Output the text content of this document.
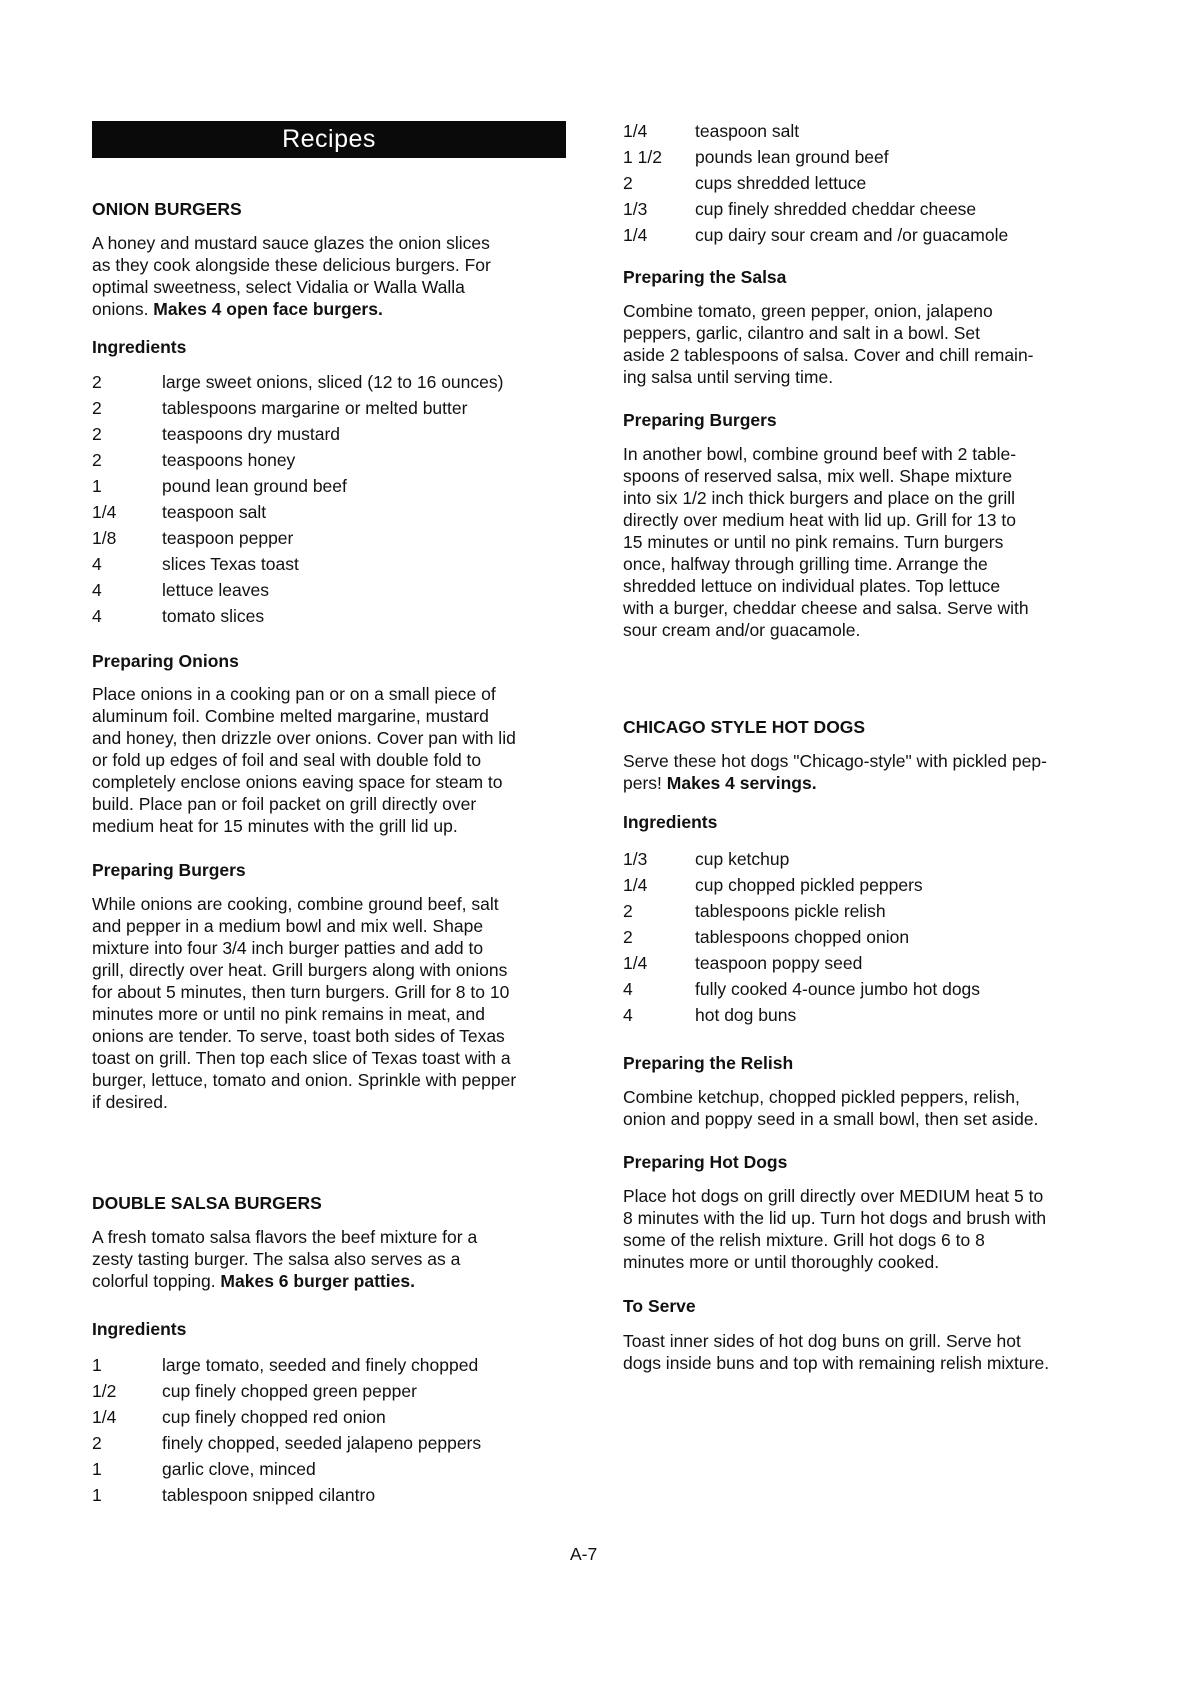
Recipes
ONION BURGERS
A honey and mustard sauce glazes the onion slices
as they cook alongside these delicious burgers. For
optimal sweetness, select Vidalia or Walla Walla
onions. Makes 4 open face burgers.
Ingredients
2	large sweet onions, sliced (12 to 16 ounces)
2	tablespoons margarine or melted butter
2	teaspoons dry mustard
2	teaspoons honey
1	pound lean ground beef
1/4	teaspoon salt
1/8	teaspoon pepper
4	slices Texas toast
4	lettuce leaves
4	tomato slices
Preparing Onions
Place onions in a cooking pan or on a small piece of
aluminum foil. Combine melted margarine, mustard
and honey, then drizzle over onions. Cover pan with lid
or fold up edges of foil and seal with double fold to
completely enclose onions eaving space for steam to
build. Place pan or foil packet on grill directly over
medium heat for 15 minutes with the grill lid up.
Preparing Burgers
While onions are cooking, combine ground beef, salt
and pepper in a medium bowl and mix well. Shape
mixture into four 3/4 inch burger patties and add to
grill, directly over heat. Grill burgers along with onions
for about 5 minutes, then turn burgers. Grill for 8 to 10
minutes more or until no pink remains in meat, and
onions are tender. To serve, toast both sides of Texas
toast on grill. Then top each slice of Texas toast with a
burger, lettuce, tomato and onion. Sprinkle with pepper
if desired.
DOUBLE SALSA BURGERS
A fresh tomato salsa flavors the beef mixture for a
zesty tasting burger. The salsa also serves as a
colorful topping. Makes 6 burger patties.
Ingredients
1	large tomato, seeded and finely chopped
1/2	cup finely chopped green pepper
1/4	cup finely chopped red onion
2	finely chopped, seeded jalapeno peppers
1	garlic clove, minced
1	tablespoon snipped cilantro
1/4	teaspoon salt
1 1/2 pounds lean ground beef
2	cups shredded lettuce
1/3	cup finely shredded cheddar cheese
1/4	cup dairy sour cream and /or guacamole
Preparing the Salsa
Combine tomato, green pepper, onion, jalapeno
peppers, garlic, cilantro and salt in a bowl. Set
aside 2 tablespoons of salsa. Cover and chill remain-
ing salsa until serving time.
Preparing Burgers
In another bowl, combine ground beef with 2 table-
spoons of reserved salsa, mix well. Shape mixture
into six 1/2 inch thick burgers and place on the grill
directly over medium heat with lid up. Grill for 13 to
15 minutes or until no pink remains. Turn burgers
once, halfway through grilling time. Arrange the
shredded lettuce on individual plates. Top lettuce
with a burger, cheddar cheese and salsa. Serve with
sour cream and/or guacamole.
CHICAGO STYLE HOT DOGS
Serve these hot dogs "Chicago-style" with pickled pep-
pers! Makes 4 servings.
Ingredients
1/3	cup ketchup
1/4	cup chopped pickled peppers
2	tablespoons pickle relish
2	tablespoons chopped onion
1/4	teaspoon poppy seed
4	fully cooked 4-ounce jumbo hot dogs
4	hot dog buns
Preparing the Relish
Combine ketchup, chopped pickled peppers, relish,
onion and poppy seed in a small bowl, then set aside.
Preparing Hot Dogs
Place hot dogs on grill directly over MEDIUM heat 5 to
8 minutes with the lid up. Turn hot dogs and brush with
some of the relish mixture. Grill hot dogs 6 to 8
minutes more or until thoroughly cooked.
To Serve
Toast inner sides of hot dog buns on grill. Serve hot
dogs inside buns and top with remaining relish mixture.
A-7
